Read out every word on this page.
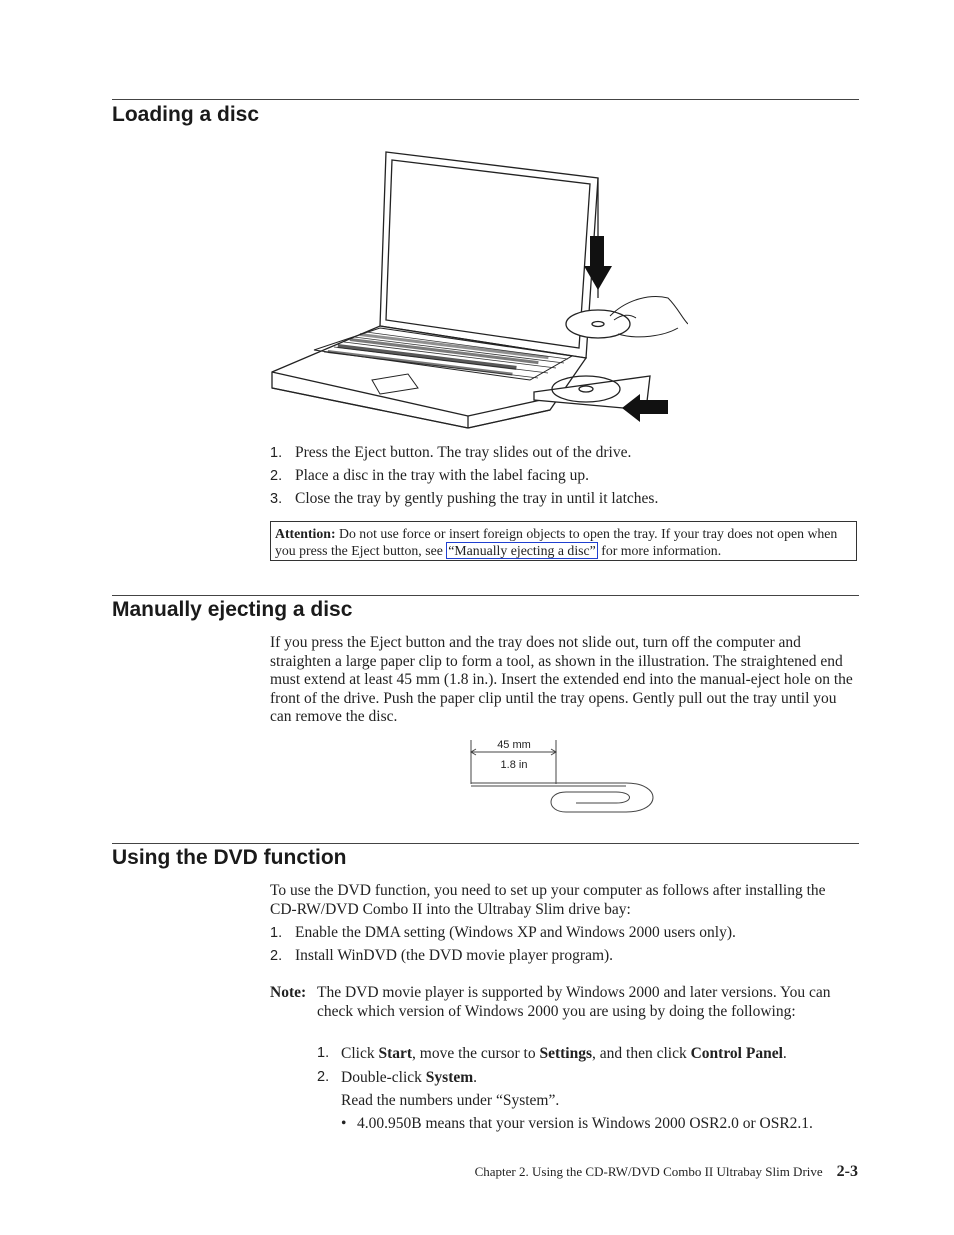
Loading a disc
1. Press the Eject button. The tray slides out of the drive.
2. Place a disc in the tray with the label facing up.
3. Close the tray by gently pushing the tray in until it latches.
Attention: Do not use force or insert foreign objects to open the tray. If your tray does not open when you press the Eject button, see “Manually ejecting a disc” for more information.
Manually ejecting a disc

If you press the Eject button and the tray does not slide out, turn off the computer and straighten a large paper clip to form a tool, as shown in the illustration. The straightened end must extend at least 45 mm (1.8 in.). Insert the extended end into the manual-eject hole on the front of the drive. Push the paper clip until the tray opens. Gently pull out the tray until you can remove the disc.

45 mm
1.8 in
Using the DVD function

To use the DVD function, you need to set up your computer as follows after installing the CD-RW/DVD Combo II into the Ultrabay Slim drive bay:

1. Enable the DMA setting (Windows XP and Windows 2000 users only).
2. Install WinDVD (the DVD movie player program).
Note: The DVD movie player is supported by Windows 2000 and later versions. You can check which version of Windows 2000 you are using by doing the following:
1. Click Start, move the cursor to Settings, and then click Control Panel.
2. Double-click System.
Read the numbers under “System”.
• 4.00.950B means that your version is Windows 2000 OSR2.0 or OSR2.1.
Chapter 2. Using the CD-RW/DVD Combo II Ultrabay Slim Drive 2-3
